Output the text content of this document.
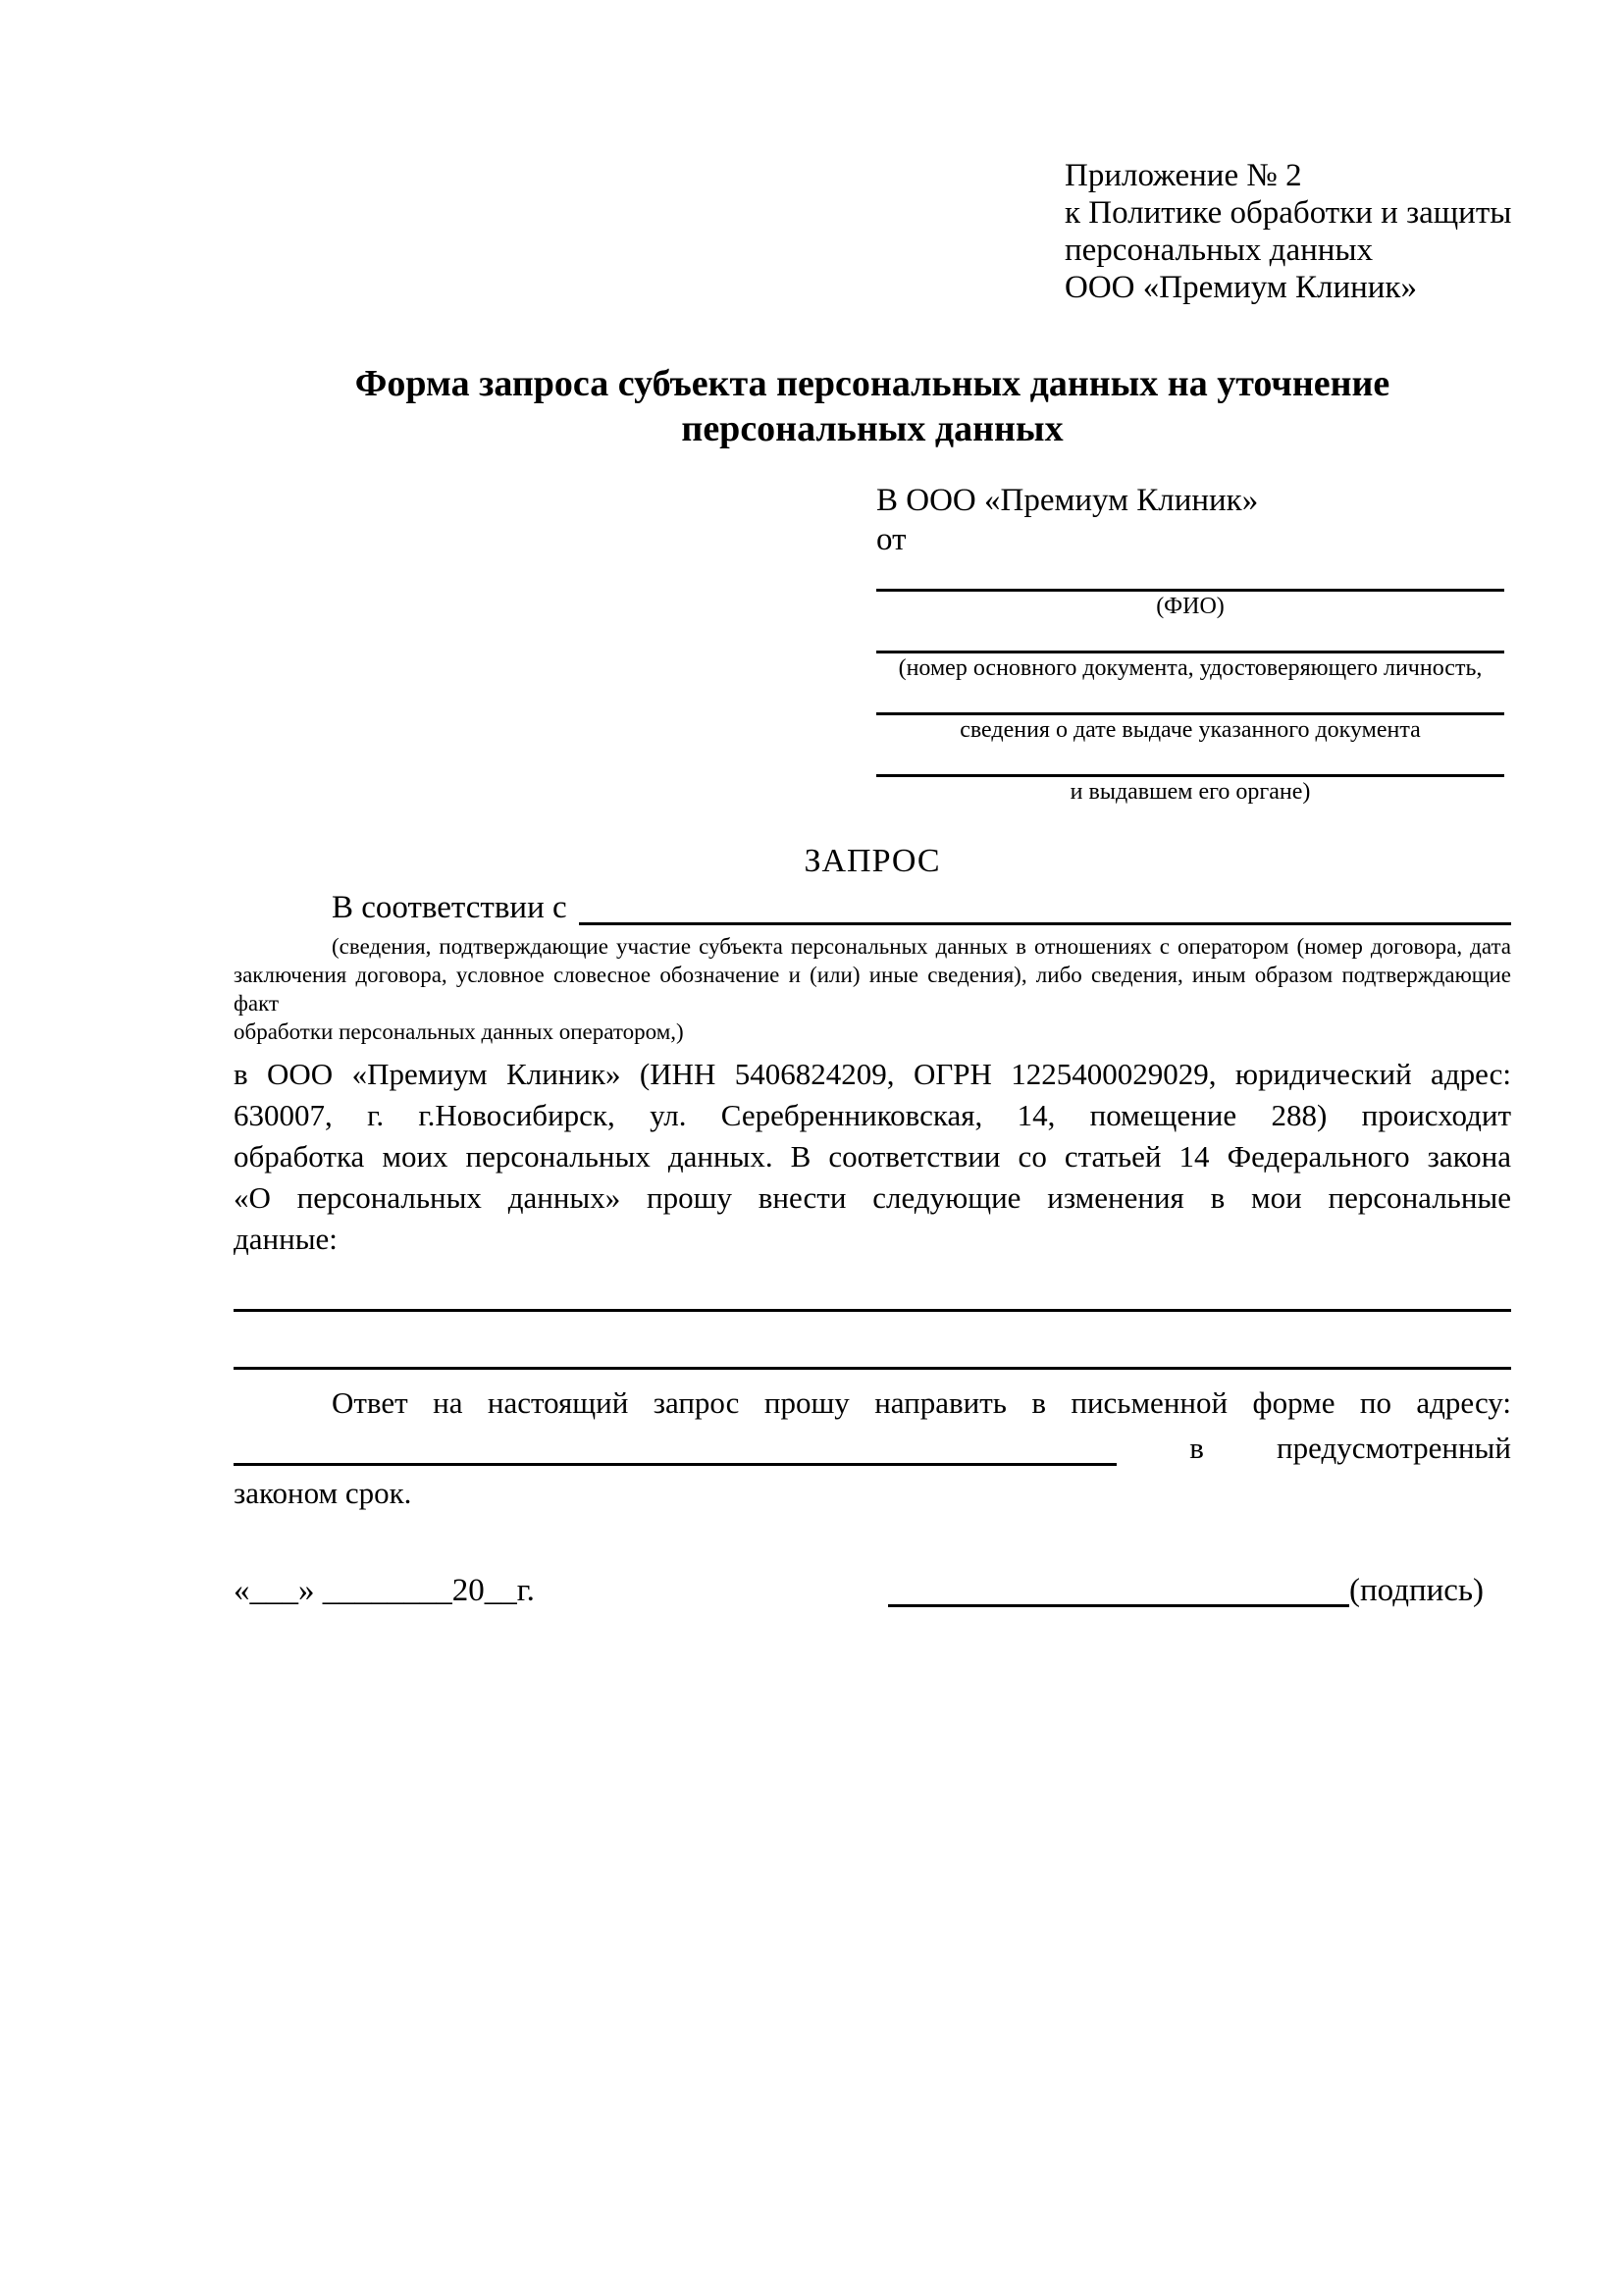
Приложение № 2
к Политике обработки и защиты
персональных данных
ООО «Премиум Клиник»
Форма запроса субъекта персональных данных на уточнение
персональных данных
В ООО «Премиум Клиник»
от
(ФИО)
(номер основного документа, удостоверяющего личность,
сведения о дате выдаче указанного документа
и выдавшем его органе)
ЗАПРОС
В соответствии с
(сведения, подтверждающие участие субъекта персональных данных в отношениях с оператором (номер договора, дата
заключения договора, условное словесное обозначение и (или) иные сведения), либо сведения, иным образом подтверждающие факт
обработки персональных данных оператором,)
в ООО «Премиум Клиник» (ИНН 5406824209, ОГРН 1225400029029, юридический адрес:
630007, г. г.Новосибирск, ул. Серебренниковская, 14, помещение 288) происходит
обработка моих персональных данных. В соответствии со статьей 14 Федерального закона
«О персональных данных» прошу внести следующие изменения в мои персональные
данные:
Ответ на настоящий запрос прошу направить в письменной форме по адресу:
в предусмотренный
законом срок.
«___» ________20__г.	(подпись)
